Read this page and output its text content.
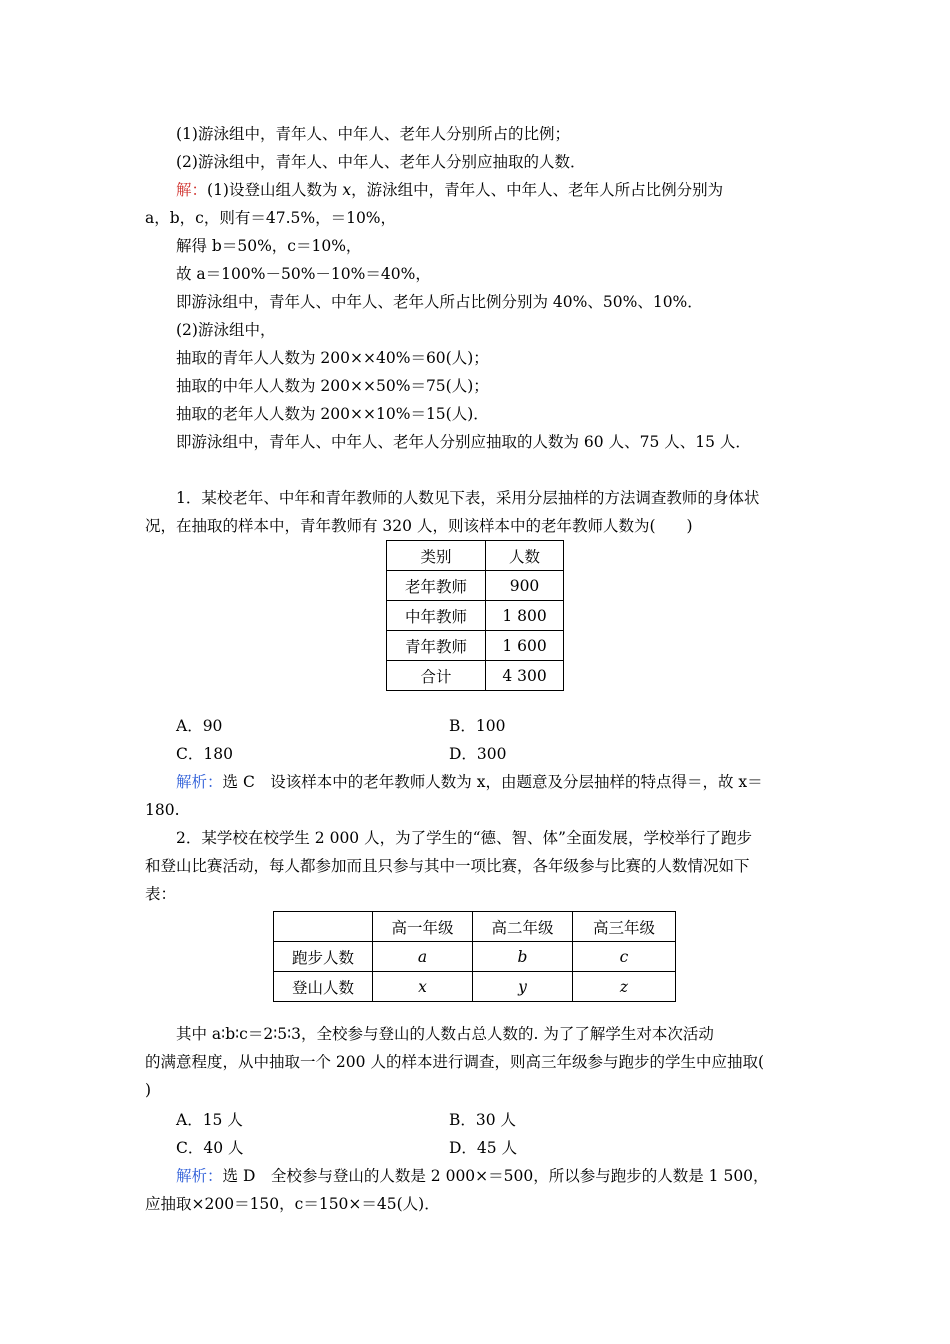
(1)游泳组中，青年人、中年人、老年人分别所占的比例；
(2)游泳组中，青年人、中年人、老年人分别应抽取的人数．
解：(1)设登山组人数为 x，游泳组中，青年人、中年人、老年人所占比例分别为
a，b，c，则有＝47.5%，＝10%，
解得 b＝50%，c＝10%，
故 a＝100%－50%－10%＝40%，
即游泳组中，青年人、中年人、老年人所占比例分别为 40%、50%、10%．
(2)游泳组中，
抽取的青年人人数为 200××40%＝60(人)；
抽取的中年人人数为 200××50%＝75(人)；
抽取的老年人人数为 200××10%＝15(人)．
即游泳组中，青年人、中年人、老年人分别应抽取的人数为 60 人、75 人、15 人．
1．某校老年、中年和青年教师的人数见下表，采用分层抽样的方法调查教师的身体状
况，在抽取的样本中，青年教师有 320 人，则该样本中的老年教师人数为(　　)
类别	人数
老年教师	900
中年教师	1 800
青年教师	1 600
合计	4 300
A．90	B．100
C．180	D．300
解析：选 C　设该样本中的老年教师人数为 x，由题意及分层抽样的特点得＝，故 x＝
180.
2．某学校在校学生 2 000 人，为了学生的“德、智、体”全面发展，学校举行了跑步
和登山比赛活动，每人都参加而且只参与其中一项比赛，各年级参与比赛的人数情况如下
表：
	高一年级	高二年级	高三年级
跑步人数	a	b	c
登山人数	x	y	z
其中 a∶b∶c＝2∶5∶3，全校参与登山的人数占总人数的. 为了了解学生对本次活动
的满意程度，从中抽取一个 200 人的样本进行调查，则高三年级参与跑步的学生中应抽取(
)
A．15 人	B．30 人
C．40 人	D．45 人
解析：选 D　全校参与登山的人数是 2 000×＝500，所以参与跑步的人数是 1 500，
应抽取×200＝150，c＝150×＝45(人)．
